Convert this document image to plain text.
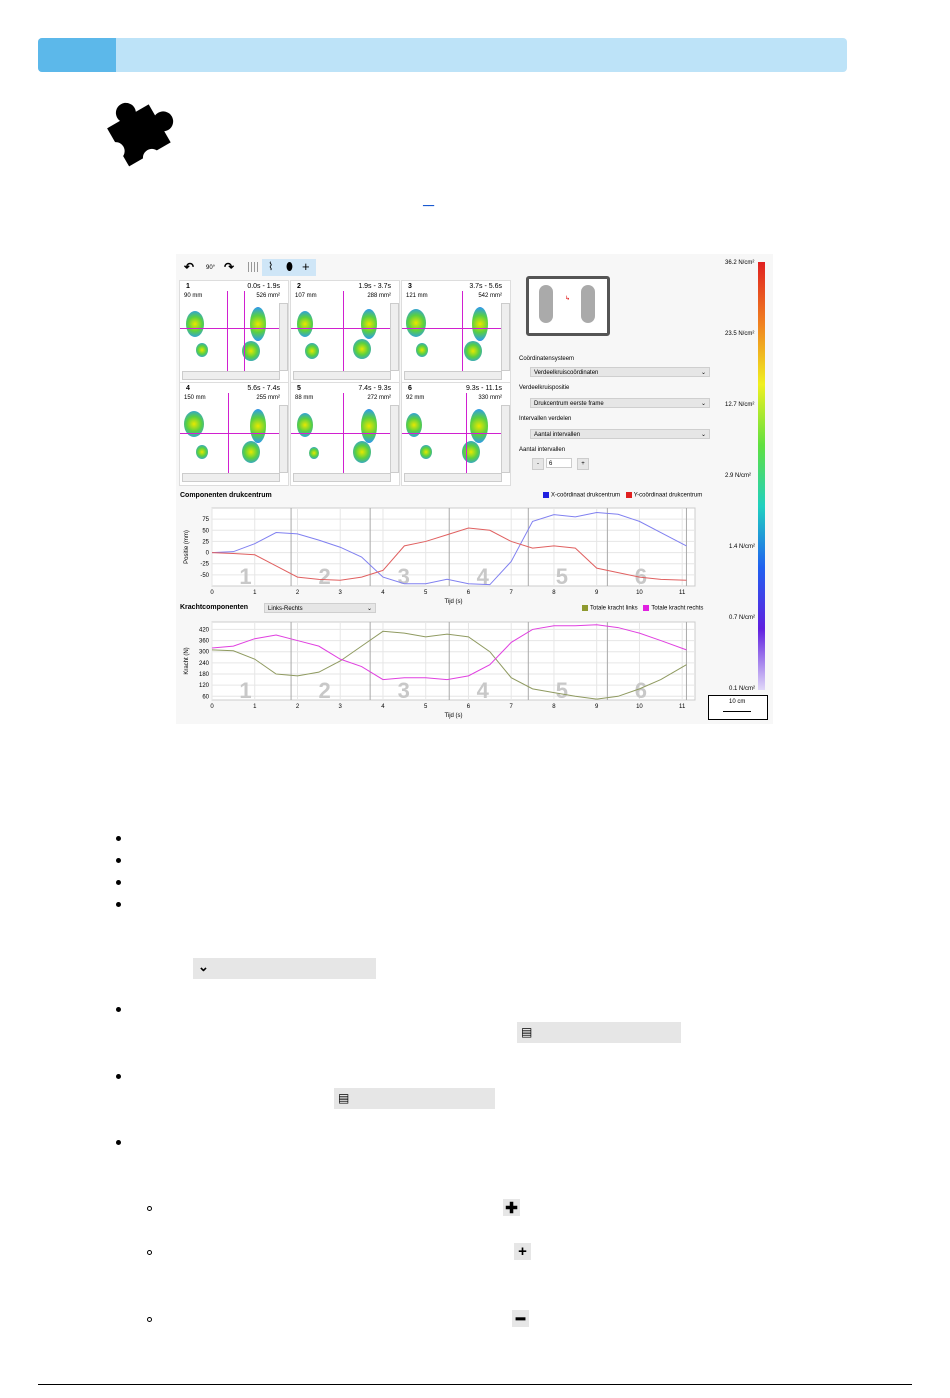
__
↶ 90° ↷	⌇ ⬮ +
1	0.0s - 1.9s
90 mm	526 mm²
2	1.9s - 3.7s
107 mm	288 mm²
3	3.7s - 5.6s
121 mm	542 mm²
4	5.6s - 7.4s
150 mm	255 mm²
5	7.4s - 9.3s
88 mm	272 mm²
6	9.3s - 11.1s
92 mm	330 mm²
↳
Coördinatensysteem
Verdeelkruiscoördinaten	⌄
Verdeelkruispositie
Drukcentrum eerste frame	⌄
Intervallen verdelen
Aantal intervallen	⌄
Aantal intervallen
-	6	+
36.2 N/cm²
23.5 N/cm²
12.7 N/cm²
2.9 N/cm²
1.4 N/cm²
0.7 N/cm²
0.1 N/cm²
10 cm
Componenten drukcentrum	X-coördinaat drukcentrum Y-coördinaat drukcentrum
0	1	2	3	4	5	6	7	8	9	10	11
75
50
25
0
-25
-50 1	2	3	4	5	6
Tijd (s)
Positie (mm)
Krachtcomponenten	Links-Rechts	⌄	Totale kracht links Totale kracht rechts
0	1	2	3	4	5	6	7	8	9	10	11
420
360
300
240
180
120
60 1	2	3	4	5	6
Tijd (s)
Kracht (N)
⌄
▤
▤
✚
+
━
